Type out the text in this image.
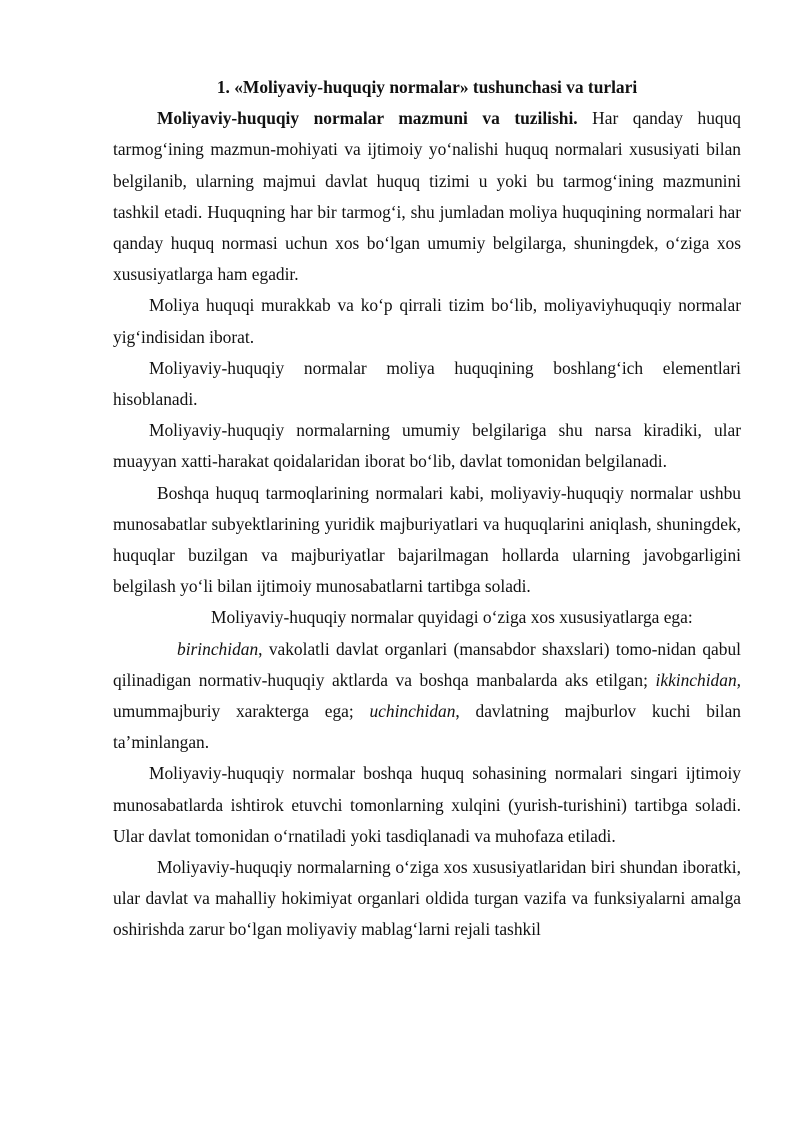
1. «Moliyaviy-huquqiy normalar» tushunchasi va turlari

Moliyaviy-huquqiy normalar mazmuni va tuzilishi. Har qanday huquq tarmog‘ining mazmun-mohiyati va ijtimoiy yo‘nalishi huquq normalari xususiyati bilan belgilanib, ularning majmui davlat huquq tizimi u yoki bu tarmog‘ining mazmunini tashkil etadi. Huquqning har bir tarmog‘i, shu jumladan moliya huquqining normalari har qanday huquq normasi uchun xos bo‘lgan umumiy belgilarga, shuningdek, o‘ziga xos xususiyatlarga ham egadir.

Moliya huquqi murakkab va ko‘p qirrali tizim bo‘lib, moliyaviyhuquqiy normalar yig‘indisidan iborat.

Moliyaviy-huquqiy normalar moliya huquqining boshlang‘ich elementlari hisoblanadi.

Moliyaviy-huquqiy normalarning umumiy belgilariga shu narsa kiradiki, ular muayyan xatti-harakat qoidalaridan iborat bo‘lib, davlat tomonidan belgilanadi.

Boshqa huquq tarmoqlarining normalari kabi, moliyaviy-huquqiy normalar ushbu munosabatlar subyektlarining yuridik majburiyatlari va huquqlarini aniqlash, shuningdek, huquqlar buzilgan va majburiyatlar bajarilmagan hollarda ularning javobgarligini belgilash yo‘li bilan ijtimoiy munosabatlarni tartibga soladi.

Moliyaviy-huquqiy normalar quyidagi o‘ziga xos xususiyatlarga ega:

birinchidan, vakolatli davlat organlari (mansabdor shaxslari) tomo-nidan qabul qilinadigan normativ-huquqiy aktlarda va boshqa manbalarda aks etilgan; ikkinchidan, umummajburiy xarakterga ega; uchinchidan, davlatning majburlov kuchi bilan ta’minlangan.

Moliyaviy-huquqiy normalar boshqa huquq sohasining normalari singari ijtimoiy munosabatlarda ishtirok etuvchi tomonlarning xulqini (yurish-turishini) tartibga soladi. Ular davlat tomonidan o‘rnatiladi yoki tasdiqlanadi va muhofaza etiladi.

Moliyaviy-huquqiy normalarning o‘ziga xos xususiyatlaridan biri shundan iboratki, ular davlat va mahalliy hokimiyat organlari oldida turgan vazifa va funksiyalarni amalga oshirishda zarur bo‘lgan moliyaviy mablag‘larni rejali tashkil
